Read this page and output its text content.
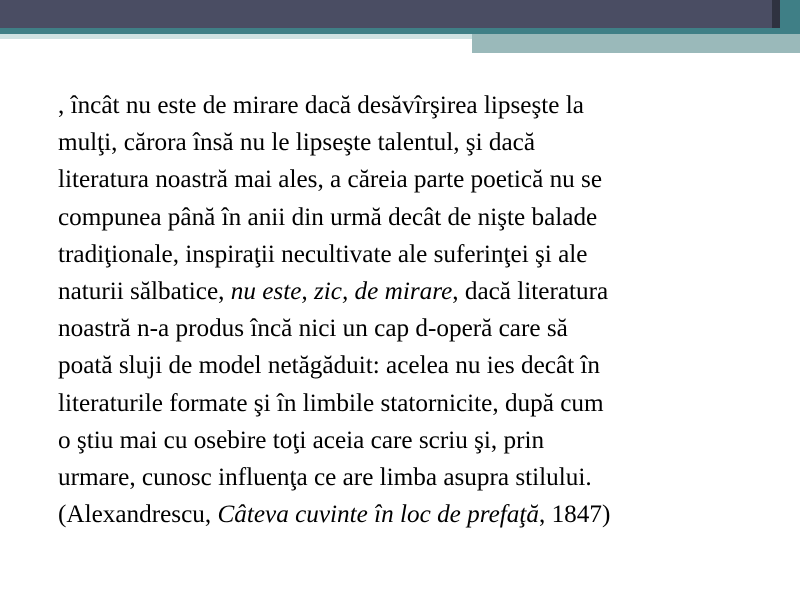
, încât nu este de mirare dacă desăvîrşirea lipseşte la
mulţi, cărora însă nu le lipseşte talentul, şi dacă
literatura noastră mai ales, a căreia parte poetică nu se
compunea până în anii din urmă decât de nişte balade
tradiţionale, inspiraţii necultivate ale suferinţei şi ale
naturii sălbatice, nu este, zic, de mirare, dacă literatura
noastră n-a produs încă nici un cap d-operă care să
poată sluji de model netăgăduit: acelea nu ies decât în
literaturile formate şi în limbile statornicite, după cum
o ştiu mai cu osebire toţi aceia care scriu şi, prin
urmare, cunosc influenţa ce are limba asupra stilului.
(Alexandrescu, Câteva cuvinte în loc de prefaţă, 1847)
